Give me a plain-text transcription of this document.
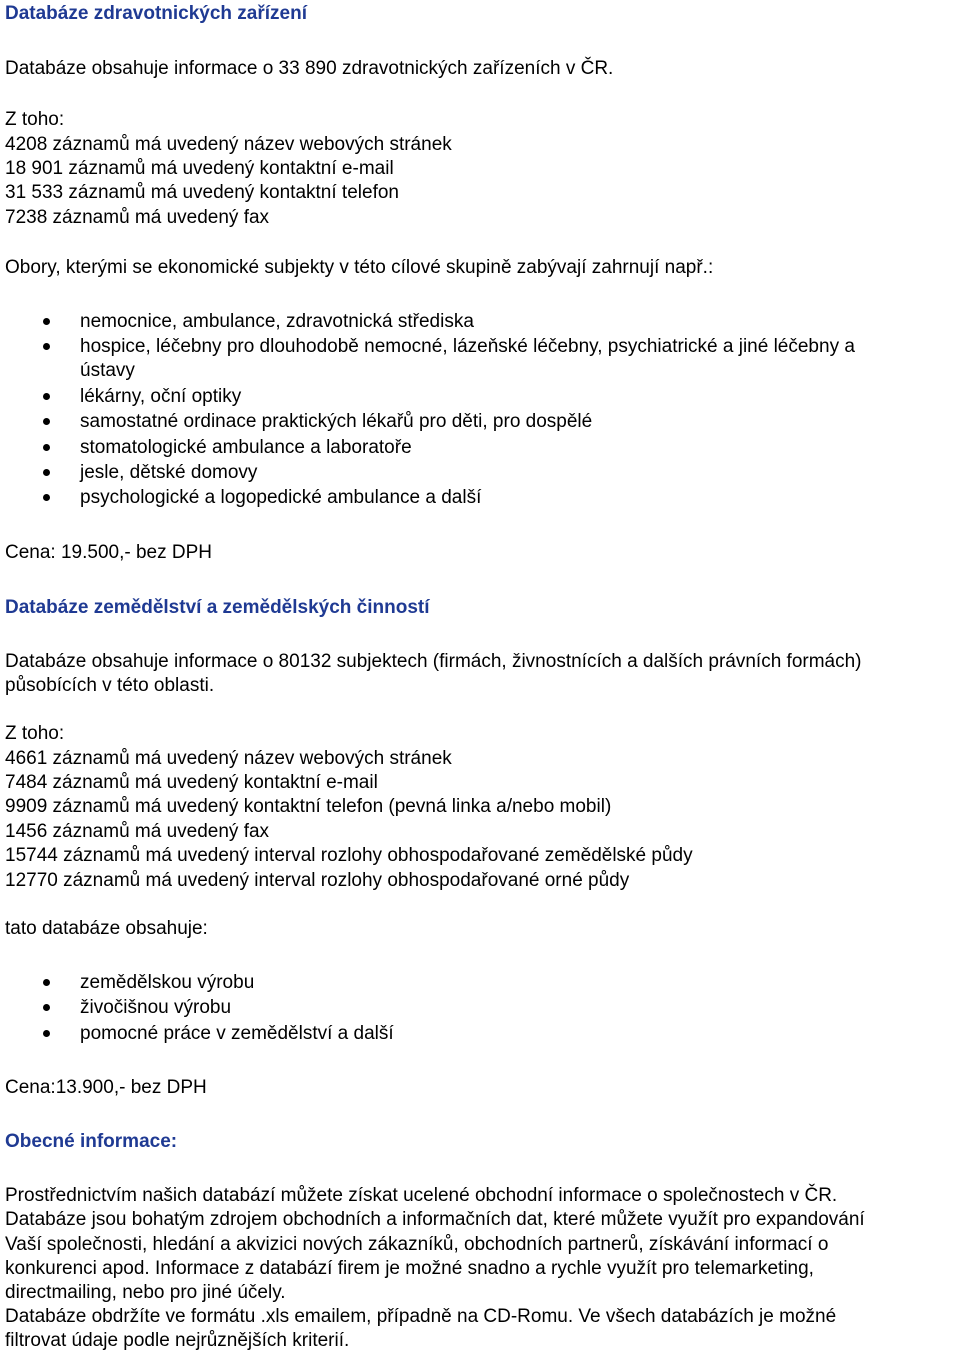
Databáze zdravotnických zařízení
Databáze obsahuje informace o 33 890 zdravotnických zařízeních v ČR.
Z toho:
4208 záznamů má uvedený název webových stránek
18 901 záznamů má uvedený kontaktní e-mail
31 533 záznamů má uvedený kontaktní telefon
7238 záznamů má uvedený fax
Obory, kterými se ekonomické subjekty v této cílové skupině zabývají zahrnují např.:
nemocnice, ambulance, zdravotnická střediska
hospice, léčebny pro dlouhodobě nemocné, lázeňské léčebny, psychiatrické a jiné léčebny a
ústavy
lékárny, oční optiky
samostatné ordinace praktických lékařů pro děti, pro dospělé
stomatologické ambulance a laboratoře
jesle, dětské domovy
psychologické a logopedické ambulance a další
Cena: 19.500,- bez DPH
Databáze zemědělství a zemědělských činností
Databáze obsahuje informace o 80132 subjektech (firmách, živnostnících a dalších právních formách)
působících v této oblasti.
Z toho:
4661 záznamů má uvedený název webových stránek
7484 záznamů má uvedený kontaktní e-mail
9909 záznamů má uvedený kontaktní telefon (pevná linka a/nebo mobil)
1456 záznamů má uvedený fax
15744 záznamů má uvedený interval rozlohy obhospodařované zemědělské půdy
12770 záznamů má uvedený interval rozlohy obhospodařované orné půdy
tato databáze obsahuje:
zemědělskou výrobu
živočišnou výrobu
pomocné práce v zemědělství a další
Cena:13.900,- bez DPH
Obecné informace:
Prostřednictvím našich databází můžete získat ucelené obchodní informace o společnostech v ČR.
Databáze jsou bohatým zdrojem obchodních a informačních dat, které můžete využít pro expandování
Vaší společnosti, hledání a akvizici nových zákazníků, obchodních partnerů, získávání informací o
konkurenci apod. Informace z databází firem je možné snadno a rychle využít pro telemarketing,
directmailing, nebo pro jiné účely.
Databáze obdržíte ve formátu .xls emailem, případně na CD-Romu. Ve všech databázích je možné
filtrovat údaje podle nejrůznějších kriterií.
